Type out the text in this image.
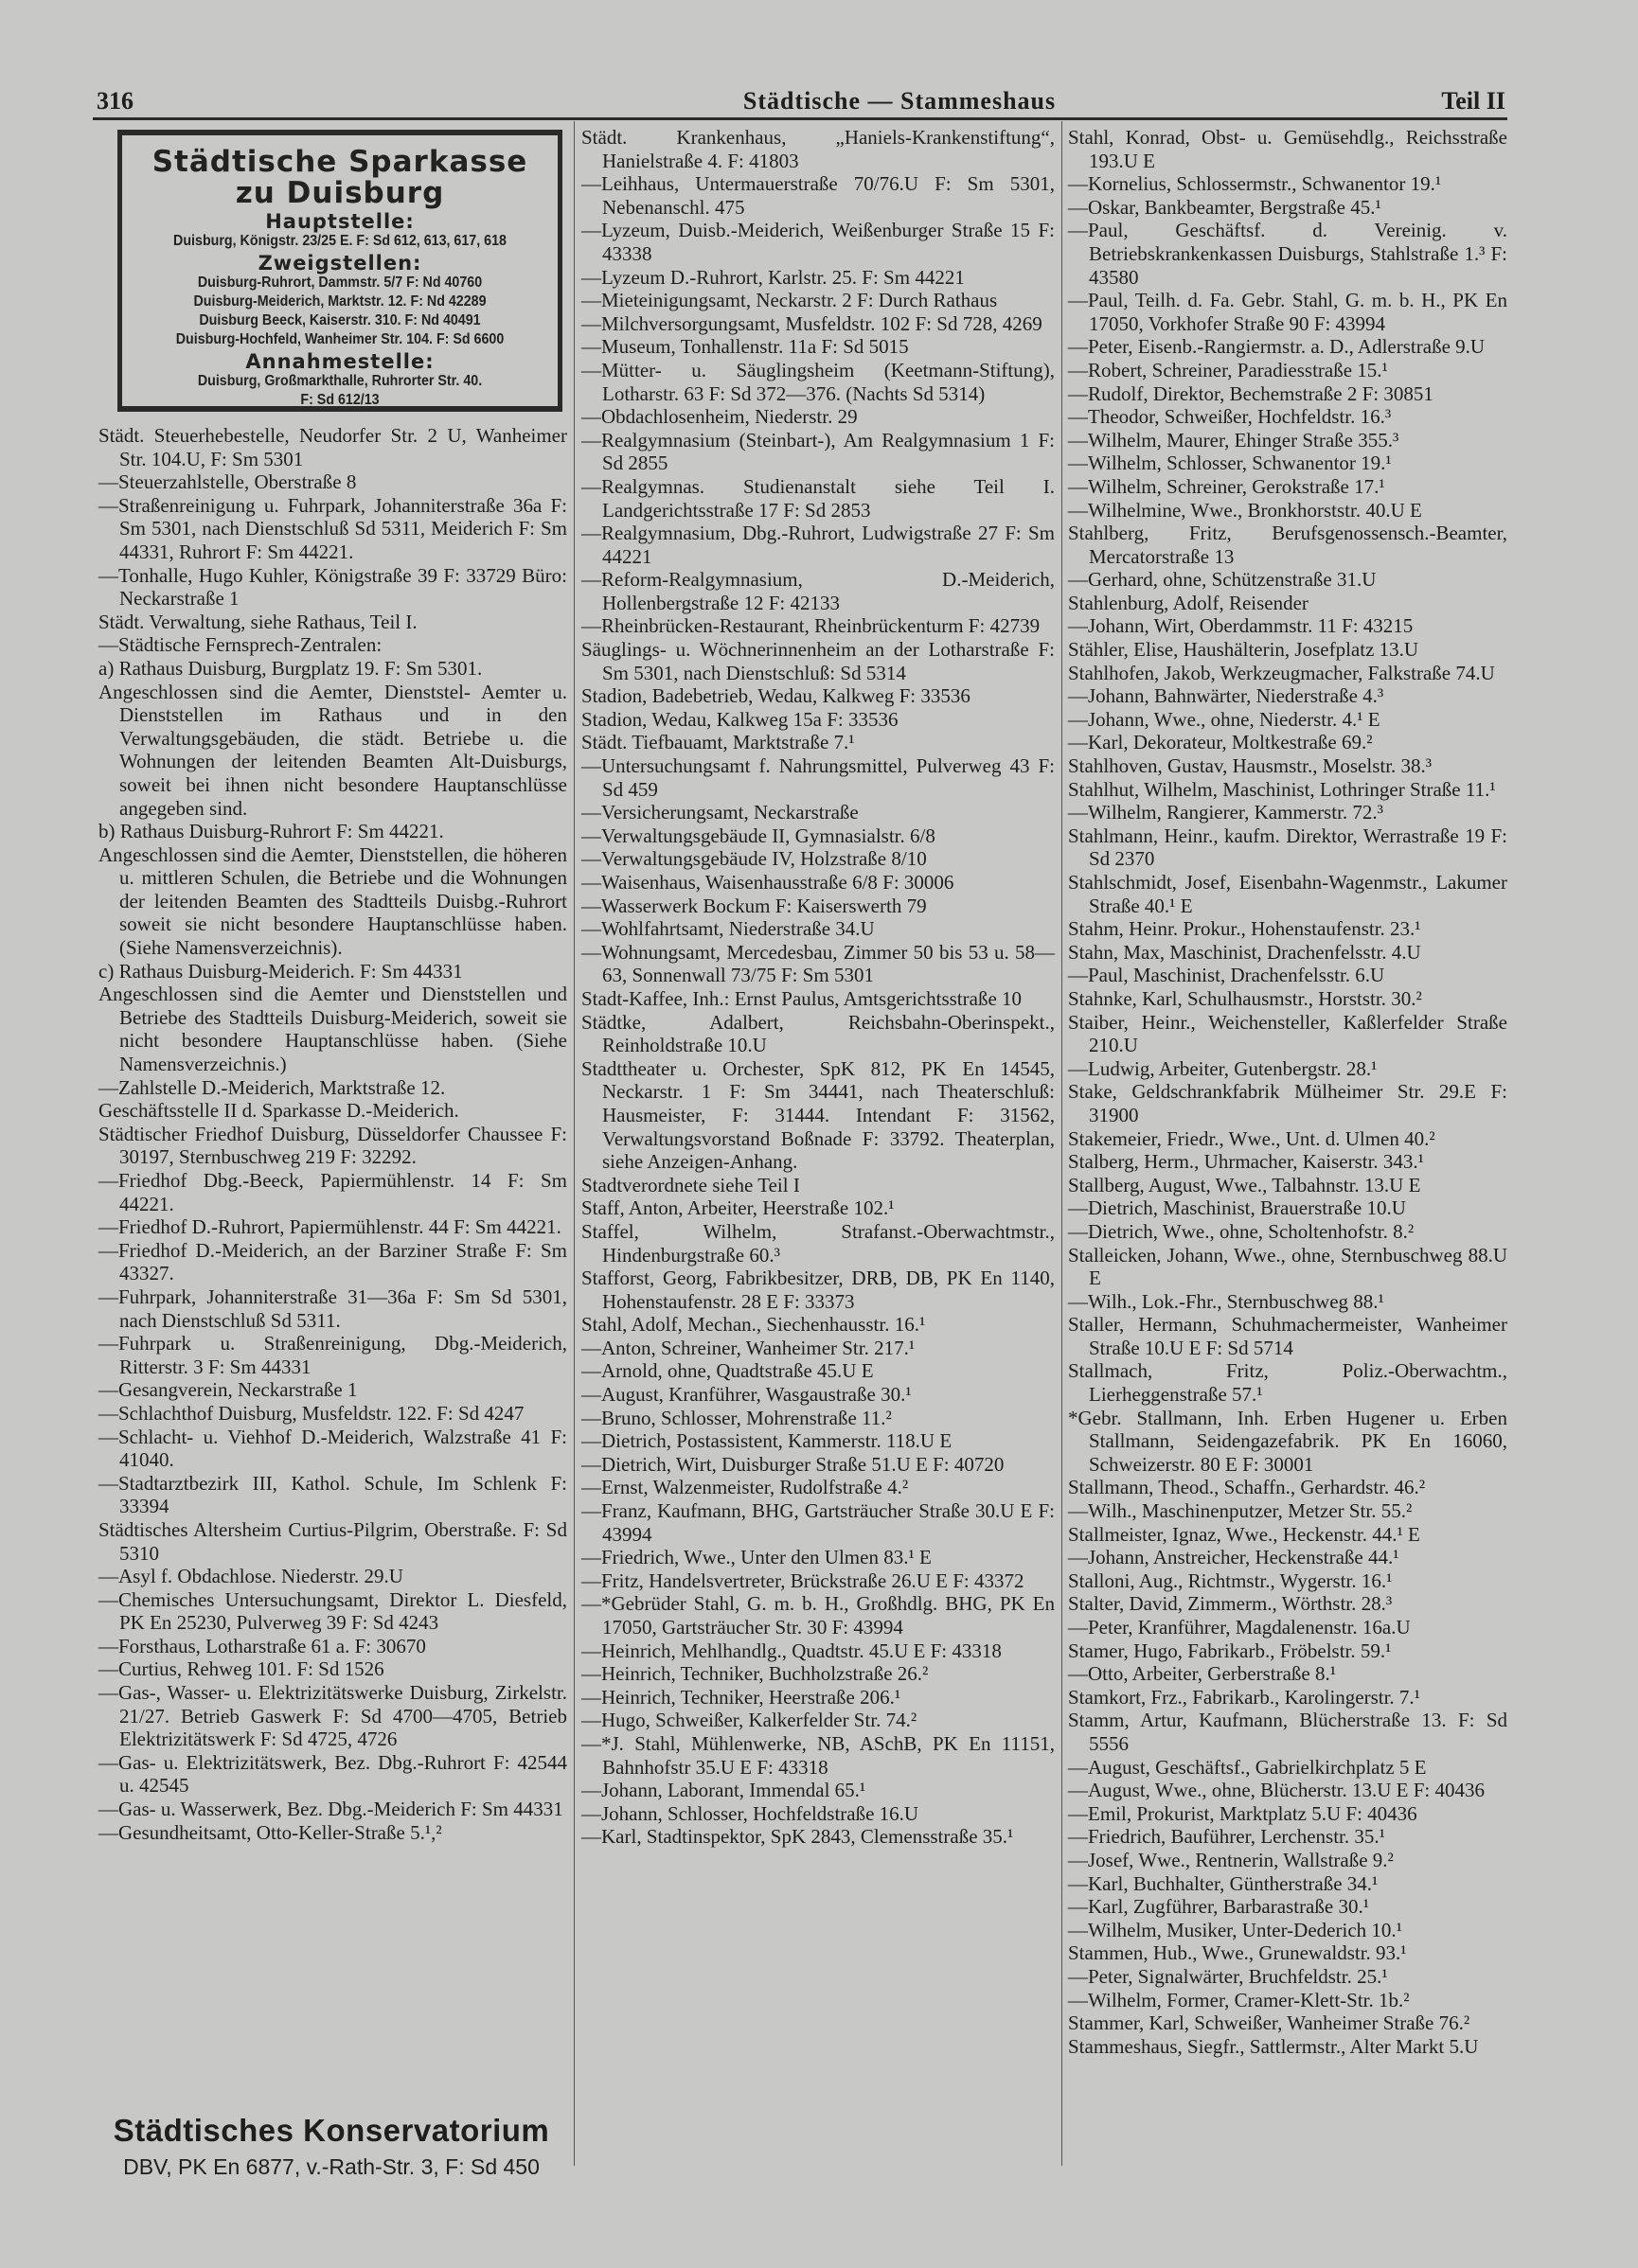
316	Städtische — Stammeshaus	Teil II
Städtische Sparkasse
zu Duisburg
Hauptstelle:
Duisburg, Königstr. 23/25 E. F: Sd 612, 613, 617, 618
Zweigstellen:
Duisburg-Ruhrort, Dammstr. 5/7 F: Nd 40760
Duisburg-Meiderich, Marktstr. 12. F: Nd 42289
Duisburg Beeck, Kaiserstr. 310. F: Nd 40491
Duisburg-Hochfeld, Wanheimer Str. 104. F: Sd 6600
Annahmestelle:
Duisburg, Großmarkthalle, Ruhrorter Str. 40.
F: Sd 612/13
Städt. Steuerhebestelle, Neudorfer Str. 2 U, Wanheimer Str. 104.U, F: Sm 5301
—Steuerzahlstelle, Oberstraße 8
—Straßenreinigung u. Fuhrpark, Johanniterstraße 36a F: Sm 5301, nach Dienstschluß Sd 5311, Meiderich F: Sm 44331, Ruhrort F: Sm 44221.
—Tonhalle, Hugo Kuhler, Königstraße 39 F: 33729 Büro: Neckarstraße 1
Städt. Verwaltung, siehe Rathaus, Teil I.
—Städtische Fernsprech-Zentralen:
a) Rathaus Duisburg, Burgplatz 19. F: Sm 5301.
Angeschlossen sind die Aemter, Dienststel- Aemter u. Dienststellen im Rathaus und in den Verwaltungsgebäuden, die städt. Betriebe u. die Wohnungen der leitenden Beamten Alt-Duisburgs, soweit bei ihnen nicht besondere Hauptanschlüsse angegeben sind.
b) Rathaus Duisburg-Ruhrort F: Sm 44221.
Angeschlossen sind die Aemter, Dienststellen, die höheren u. mittleren Schulen, die Betriebe und die Wohnungen der leitenden Beamten des Stadtteils Duisbg.-Ruhrort soweit sie nicht besondere Hauptanschlüsse haben. (Siehe Namensverzeichnis).
c) Rathaus Duisburg-Meiderich. F: Sm 44331
Angeschlossen sind die Aemter und Dienststellen und Betriebe des Stadtteils Duisburg-Meiderich, soweit sie nicht besondere Hauptanschlüsse haben. (Siehe Namensverzeichnis.)
—Zahlstelle D.-Meiderich, Marktstraße 12.
Geschäftsstelle II d. Sparkasse D.-Meiderich.
Städtischer Friedhof Duisburg, Düsseldorfer Chaussee F: 30197, Sternbuschweg 219 F: 32292.
—Friedhof Dbg.-Beeck, Papiermühlenstr. 14 F: Sm 44221.
—Friedhof D.-Ruhrort, Papiermühlenstr. 44 F: Sm 44221.
—Friedhof D.-Meiderich, an der Barziner Straße F: Sm 43327.
—Fuhrpark, Johanniterstraße 31—36a F: Sm Sd 5301, nach Dienstschluß Sd 5311.
—Fuhrpark u. Straßenreinigung, Dbg.-Meiderich, Ritterstr. 3 F: Sm 44331
—Gesangverein, Neckarstraße 1
—Schlachthof Duisburg, Musfeldstr. 122. F: Sd 4247
—Schlacht- u. Viehhof D.-Meiderich, Walzstraße 41 F: 41040.
—Stadtarztbezirk III, Kathol. Schule, Im Schlenk F: 33394
Städtisches Altersheim Curtius-Pilgrim, Oberstraße. F: Sd 5310
—Asyl f. Obdachlose. Niederstr. 29.U
—Chemisches Untersuchungsamt, Direktor L. Diesfeld, PK En 25230, Pulverweg 39 F: Sd 4243
—Forsthaus, Lotharstraße 61 a. F: 30670
—Curtius, Rehweg 101. F: Sd 1526
—Gas-, Wasser- u. Elektrizitätswerke Duisburg, Zirkelstr. 21/27. Betrieb Gaswerk F: Sd 4700—4705, Betrieb Elektrizitätswerk F: Sd 4725, 4726
—Gas- u. Elektrizitätswerk, Bez. Dbg.-Ruhrort F: 42544 u. 42545
—Gas- u. Wasserwerk, Bez. Dbg.-Meiderich F: Sm 44331
—Gesundheitsamt, Otto-Keller-Straße 5.¹,²
Städt. Krankenhaus, „Haniels-Krankenstiftung“, Hanielstraße 4. F: 41803
—Leihhaus, Untermauerstraße 70/76.U F: Sm 5301, Nebenanschl. 475
—Lyzeum, Duisb.-Meiderich, Weißenburger Straße 15 F: 43338
—Lyzeum D.-Ruhrort, Karlstr. 25. F: Sm 44221
—Mieteinigungsamt, Neckarstr. 2 F: Durch Rathaus
—Milchversorgungsamt, Musfeldstr. 102 F: Sd 728, 4269
—Museum, Tonhallenstr. 11a F: Sd 5015
—Mütter- u. Säuglingsheim (Keetmann-Stiftung), Lotharstr. 63 F: Sd 372—376. (Nachts Sd 5314)
—Obdachlosenheim, Niederstr. 29
—Realgymnasium (Steinbart-), Am Realgymnasium 1 F: Sd 2855
—Realgymnas. Studienanstalt siehe Teil I. Landgerichtsstraße 17 F: Sd 2853
—Realgymnasium, Dbg.-Ruhrort, Ludwigstraße 27 F: Sm 44221
—Reform-Realgymnasium, D.-Meiderich, Hollenbergstraße 12 F: 42133
—Rheinbrücken-Restaurant, Rheinbrückenturm F: 42739
Säuglings- u. Wöchnerinnenheim an der Lotharstraße F: Sm 5301, nach Dienstschluß: Sd 5314
Stadion, Badebetrieb, Wedau, Kalkweg F: 33536
Stadion, Wedau, Kalkweg 15a F: 33536
Städt. Tiefbauamt, Marktstraße 7.¹
—Untersuchungsamt f. Nahrungsmittel, Pulverweg 43 F: Sd 459
—Versicherungsamt, Neckarstraße
—Verwaltungsgebäude II, Gymnasialstr. 6/8
—Verwaltungsgebäude IV, Holzstraße 8/10
—Waisenhaus, Waisenhausstraße 6/8 F: 30006
—Wasserwerk Bockum F: Kaiserswerth 79
—Wohlfahrtsamt, Niederstraße 34.U
—Wohnungsamt, Mercedesbau, Zimmer 50 bis 53 u. 58—63, Sonnenwall 73/75 F: Sm 5301
Stadt-Kaffee, Inh.: Ernst Paulus, Amtsgerichtsstraße 10
Städtke, Adalbert, Reichsbahn-Oberinspekt., Reinholdstraße 10.U
Stadttheater u. Orchester, SpK 812, PK En 14545, Neckarstr. 1 F: Sm 34441, nach Theaterschluß: Hausmeister, F: 31444. Intendant F: 31562, Verwaltungsvorstand Boßnade F: 33792. Theaterplan, siehe Anzeigen-Anhang.
Stadtverordnete siehe Teil I
Staff, Anton, Arbeiter, Heerstraße 102.¹
Staffel, Wilhelm, Strafanst.-Oberwachtmstr., Hindenburgstraße 60.³
Stafforst, Georg, Fabrikbesitzer, DRB, DB, PK En 1140, Hohenstaufenstr. 28 E F: 33373
Stahl, Adolf, Mechan., Siechenhausstr. 16.¹
—Anton, Schreiner, Wanheimer Str. 217.¹
—Arnold, ohne, Quadtstraße 45.U E
—August, Kranführer, Wasgaustraße 30.¹
—Bruno, Schlosser, Mohrenstraße 11.²
—Dietrich, Postassistent, Kammerstr. 118.U E
—Dietrich, Wirt, Duisburger Straße 51.U E F: 40720
—Ernst, Walzenmeister, Rudolfstraße 4.²
—Franz, Kaufmann, BHG, Gartsträucher Straße 30.U E F: 43994
—Friedrich, Wwe., Unter den Ulmen 83.¹ E
—Fritz, Handelsvertreter, Brückstraße 26.U E F: 43372
—*Gebrüder Stahl, G. m. b. H., Großhdlg. BHG, PK En 17050, Gartsträucher Str. 30 F: 43994
—Heinrich, Mehlhandlg., Quadtstr. 45.U E F: 43318
—Heinrich, Techniker, Buchholzstraße 26.²
—Heinrich, Techniker, Heerstraße 206.¹
—Hugo, Schweißer, Kalkerfelder Str. 74.²
—*J. Stahl, Mühlenwerke, NB, ASchB, PK En 11151, Bahnhofstr 35.U E F: 43318
—Johann, Laborant, Immendal 65.¹
—Johann, Schlosser, Hochfeldstraße 16.U
—Karl, Stadtinspektor, SpK 2843, Clemensstraße 35.¹
Stahl, Konrad, Obst- u. Gemüsehdlg., Reichsstraße 193.U E
—Kornelius, Schlossermstr., Schwanentor 19.¹
—Oskar, Bankbeamter, Bergstraße 45.¹
—Paul, Geschäftsf. d. Vereinig. v. Betriebskrankenkassen Duisburgs, Stahlstraße 1.³ F: 43580
—Paul, Teilh. d. Fa. Gebr. Stahl, G. m. b. H., PK En 17050, Vorkhofer Straße 90 F: 43994
—Peter, Eisenb.-Rangiermstr. a. D., Adlerstraße 9.U
—Robert, Schreiner, Paradiesstraße 15.¹
—Rudolf, Direktor, Bechemstraße 2 F: 30851
—Theodor, Schweißer, Hochfeldstr. 16.³
—Wilhelm, Maurer, Ehinger Straße 355.³
—Wilhelm, Schlosser, Schwanentor 19.¹
—Wilhelm, Schreiner, Gerokstraße 17.¹
—Wilhelmine, Wwe., Bronkhorststr. 40.U E
Stahlberg, Fritz, Berufsgenossensch.-Beamter, Mercatorstraße 13
—Gerhard, ohne, Schützenstraße 31.U
Stahlenburg, Adolf, Reisender
—Johann, Wirt, Oberdammstr. 11 F: 43215
Stähler, Elise, Haushälterin, Josefplatz 13.U
Stahlhofen, Jakob, Werkzeugmacher, Falkstraße 74.U
—Johann, Bahnwärter, Niederstraße 4.³
—Johann, Wwe., ohne, Niederstr. 4.¹ E
—Karl, Dekorateur, Moltkestraße 69.²
Stahlhoven, Gustav, Hausmstr., Moselstr. 38.³
Stahlhut, Wilhelm, Maschinist, Lothringer Straße 11.¹
—Wilhelm, Rangierer, Kammerstr. 72.³
Stahlmann, Heinr., kaufm. Direktor, Werrastraße 19 F: Sd 2370
Stahlschmidt, Josef, Eisenbahn-Wagenmstr., Lakumer Straße 40.¹ E
Stahm, Heinr. Prokur., Hohenstaufenstr. 23.¹
Stahn, Max, Maschinist, Drachenfelsstr. 4.U
—Paul, Maschinist, Drachenfelsstr. 6.U
Stahnke, Karl, Schulhausmstr., Horststr. 30.²
Staiber, Heinr., Weichensteller, Kaßlerfelder Straße 210.U
—Ludwig, Arbeiter, Gutenbergstr. 28.¹
Stake, Geldschrankfabrik Mülheimer Str. 29.E F: 31900
Stakemeier, Friedr., Wwe., Unt. d. Ulmen 40.²
Stalberg, Herm., Uhrmacher, Kaiserstr. 343.¹
Stallberg, August, Wwe., Talbahnstr. 13.U E
—Dietrich, Maschinist, Brauerstraße 10.U
—Dietrich, Wwe., ohne, Scholtenhofstr. 8.²
Stalleicken, Johann, Wwe., ohne, Sternbuschweg 88.U E
—Wilh., Lok.-Fhr., Sternbuschweg 88.¹
Staller, Hermann, Schuhmachermeister, Wanheimer Straße 10.U E F: Sd 5714
Stallmach, Fritz, Poliz.-Oberwachtm., Lierheggenstraße 57.¹
*Gebr. Stallmann, Inh. Erben Hugener u. Erben Stallmann, Seidengazefabrik. PK En 16060, Schweizerstr. 80 E F: 30001
Stallmann, Theod., Schaffn., Gerhardstr. 46.²
—Wilh., Maschinenputzer, Metzer Str. 55.²
Stallmeister, Ignaz, Wwe., Heckenstr. 44.¹ E
—Johann, Anstreicher, Heckenstraße 44.¹
Stalloni, Aug., Richtmstr., Wygerstr. 16.¹
Stalter, David, Zimmerm., Wörthstr. 28.³
—Peter, Kranführer, Magdalenenstr. 16a.U
Stamer, Hugo, Fabrikarb., Fröbelstr. 59.¹
—Otto, Arbeiter, Gerberstraße 8.¹
Stamkort, Frz., Fabrikarb., Karolingerstr. 7.¹
Stamm, Artur, Kaufmann, Blücherstraße 13. F: Sd 5556
—August, Geschäftsf., Gabrielkirchplatz 5 E
—August, Wwe., ohne, Blücherstr. 13.U E F: 40436
—Emil, Prokurist, Marktplatz 5.U F: 40436
—Friedrich, Bauführer, Lerchenstr. 35.¹
—Josef, Wwe., Rentnerin, Wallstraße 9.²
—Karl, Buchhalter, Güntherstraße 34.¹
—Karl, Zugführer, Barbarastraße 30.¹
—Wilhelm, Musiker, Unter-Dederich 10.¹
Stammen, Hub., Wwe., Grunewaldstr. 93.¹
—Peter, Signalwärter, Bruchfeldstr. 25.¹
—Wilhelm, Former, Cramer-Klett-Str. 1b.²
Stammer, Karl, Schweißer, Wanheimer Straße 76.²
Stammeshaus, Siegfr., Sattlermstr., Alter Markt 5.U
Städtisches Konservatorium
DBV, PK En 6877, v.-Rath-Str. 3, F: Sd 450
